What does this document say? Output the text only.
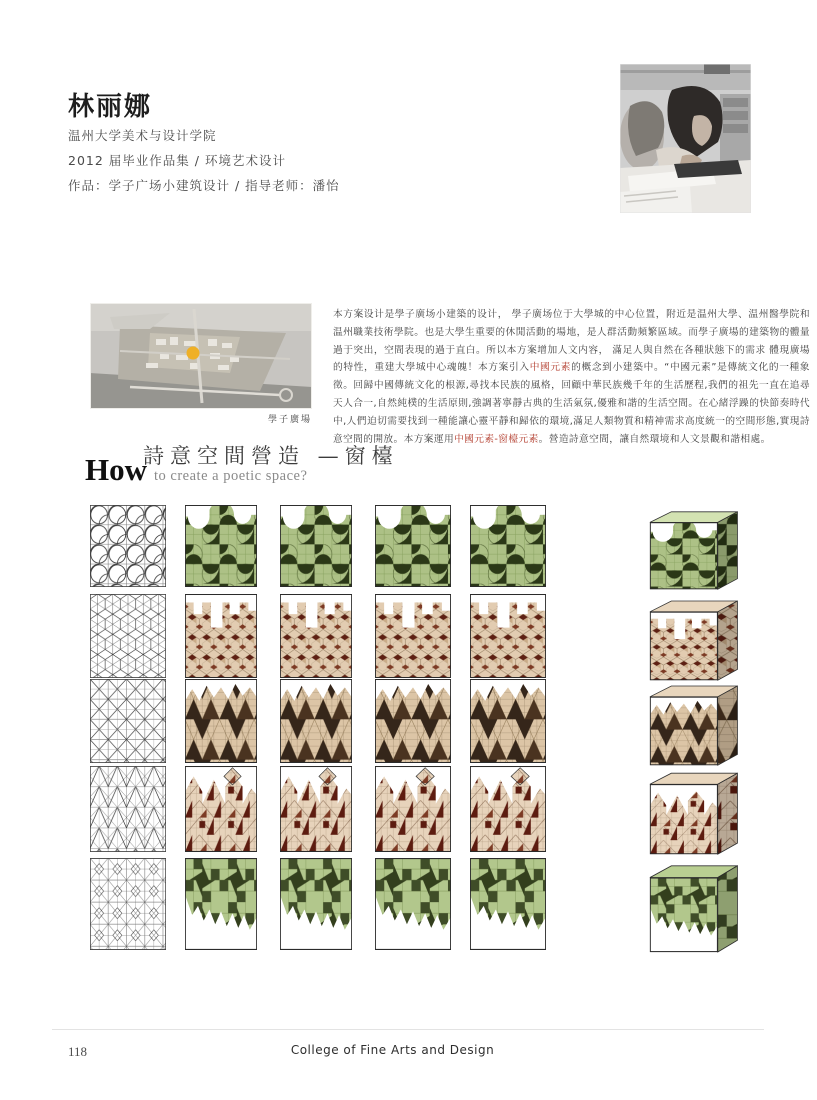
林丽娜
温州大学美术与设计学院
2012 届毕业作品集 / 环境艺术设计
作品：学子广场小建筑设计 / 指导老师：潘怡
學子廣場

本方案设计是學子廣场小建築的设计， 學子廣场位于大學城的中心位置，附近是温州大學、温州醫學院和温州職業技術學院。也是大學生重要的休閒活動的場地，是人群活動頻繁區域。而學子廣場的建築物的體量過于突出，空間表現的過于直白。所以本方案增加人文内容， 滿足人與自然在各種狀態下的需求 體現廣場的特性，重建大學城中心魂魄！本方案引入中國元素的概念到小建築中。“中國元素”是傳統文化的一種象徵。回歸中國傳統文化的根源,尋找本民族的風格，回顧中華民族幾千年的生活歷程,我們的祖先一直在追尋天人合一,自然純樸的生活原則,強調著寧靜古典的生活氣氛,優雅和諧的生活空間。在心緒浮躁的快節奏時代中,人們迫切需要找到一種能讓心靈平靜和歸依的環境,滿足人類物質和精神需求高度統一的空間形態,實現詩意空間的開放。本方案運用中國元素-窗檯元素。營造詩意空間，讓自然環境和人文景觀和諧相處。

詩意空間營造 —窗檯
How to create a poetic space?
118	College of Fine Arts and Design
